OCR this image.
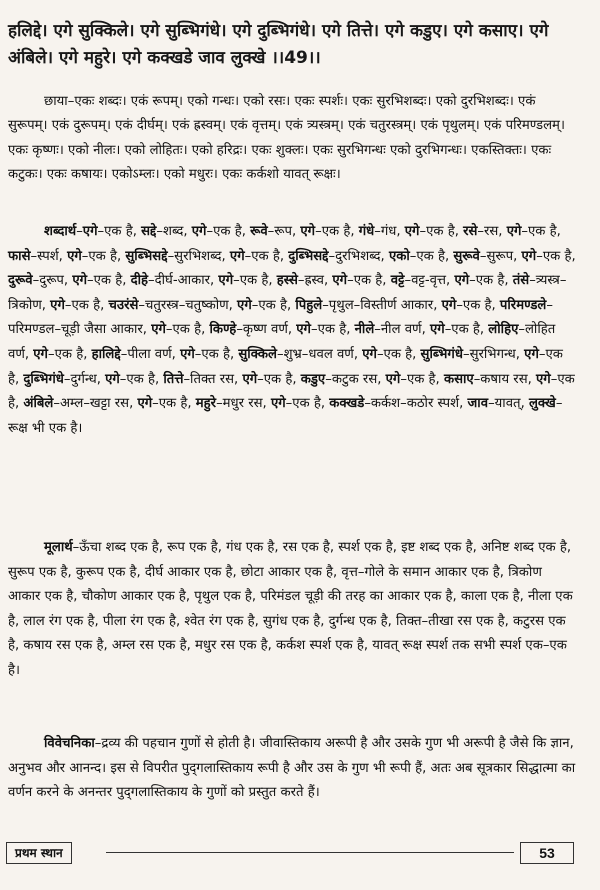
हलिद्दे। एगे सुक्किले। एगे सुब्भिगंधे। एगे दुब्भिगंधे। एगे तित्ते। एगे कडुए। एगे कसाए। एगे अंबिले। एगे महुरे। एगे कक्खडे जाव लुक्खे ।।49।।

छाया–एकः शब्दः। एकं रूपम्। एको गन्धः। एको रसः। एकः स्पर्शः। एकः सुरभिशब्दः। एको दुरभिशब्दः। एकं सुरूपम्। एकं दुरूपम्। एकं दीर्घम्। एकं ह्रस्वम्। एकं वृत्तम्। एकं त्र्यस्त्रम्। एकं चतुरस्त्रम्। एकं पृथुलम्। एकं परिमण्डलम्। एकः कृष्णः। एको नीलः। एको लोहितः। एको हरिद्रः। एकः शुक्लः। एकः सुरभिगन्धः एको दुरभिगन्धः। एकस्तिक्तः। एकः कटुकः। एकः कषायः। एकोऽम्लः। एको मधुरः। एकः कर्कशो यावत् रूक्षः।

शब्दार्थ–एगे–एक है, सद्दे–शब्द, एगे–एक है, रूवे–रूप, एगे–एक है, गंधे–गंध, एगे–एक है, रसे–रस, एगे–एक है, फासे–स्पर्श, एगे–एक है, सुब्भिसद्दे–सुरभिशब्द, एगे–एक है, दुब्भिसद्दे–दुरभिशब्द, एको–एक है, सुरूवे–सुरूप, एगे–एक है, दुरूवे–दुरूप, एगे–एक है, दीहे–दीर्घ-आकार, एगे–एक है, हस्से–ह्रस्व, एगे–एक है, वट्टे–वट्ट-वृत्त, एगे–एक है, तंसे–त्र्यस्त्र–त्रिकोण, एगे–एक है, चउरंसे–चतुरस्त्र–चतुष्कोण, एगे–एक है, पिहुले–पृथुल–विस्तीर्ण आकार, एगे–एक है, परिमण्डले–परिमण्डल–चूड़ी जैसा आकार, एगे–एक है, किण्हे–कृष्ण वर्ण, एगे–एक है, नीले–नील वर्ण, एगे–एक है, लोहिए–लोहित वर्ण, एगे–एक है, हालिद्दे–पीला वर्ण, एगे–एक है, सुक्किले–शुभ्र–धवल वर्ण, एगे–एक है, सुब्भिगंधे–सुरभिगन्ध, एगे–एक है, दुब्भिगंधे–दुर्गन्ध, एगे–एक है, तित्ते–तिक्त रस, एगे–एक है, कडुए–कटुक रस, एगे–एक है, कसाए–कषाय रस, एगे–एक है, अंबिले–अम्ल–खट्टा रस, एगे–एक है, महुरे–मधुर रस, एगे–एक है, कक्खडे–कर्कश–कठोर स्पर्श, जाव–यावत्, लुक्खे–रूक्ष भी एक है।

मूलार्थ–ऊँचा शब्द एक है, रूप एक है, गंध एक है, रस एक है, स्पर्श एक है, इष्ट शब्द एक है, अनिष्ट शब्द एक है, सुरूप एक है, कुरूप एक है, दीर्घ आकार एक है, छोटा आकार एक है, वृत्त–गोले के समान आकार एक है, त्रिकोण आकार एक है, चौकोण आकार एक है, पृथुल एक है, परिमंडल चूड़ी की तरह का आकार एक है, काला एक है, नीला एक है, लाल रंग एक है, पीला रंग एक है, श्वेत रंग एक है, सुगंध एक है, दुर्गन्ध एक है, तिक्त–तीखा रस एक है, कटुरस एक है, कषाय रस एक है, अम्ल रस एक है, मधुर रस एक है, कर्कश स्पर्श एक है, यावत् रूक्ष स्पर्श तक सभी स्पर्श एक–एक है।

विवेचनिका–द्रव्य की पहचान गुणों से होती है। जीवास्तिकाय अरूपी है और उसके गुण भी अरूपी है जैसे कि ज्ञान, अनुभव और आनन्द। इस से विपरीत पुद्‌गलास्तिकाय रूपी है और उस के गुण भी रूपी हैं, अतः अब सूत्रकार सिद्धात्मा का वर्णन करने के अनन्तर पुद्‌गलास्तिकाय के गुणों को प्रस्तुत करते हैं।

प्रथम स्थान	53
